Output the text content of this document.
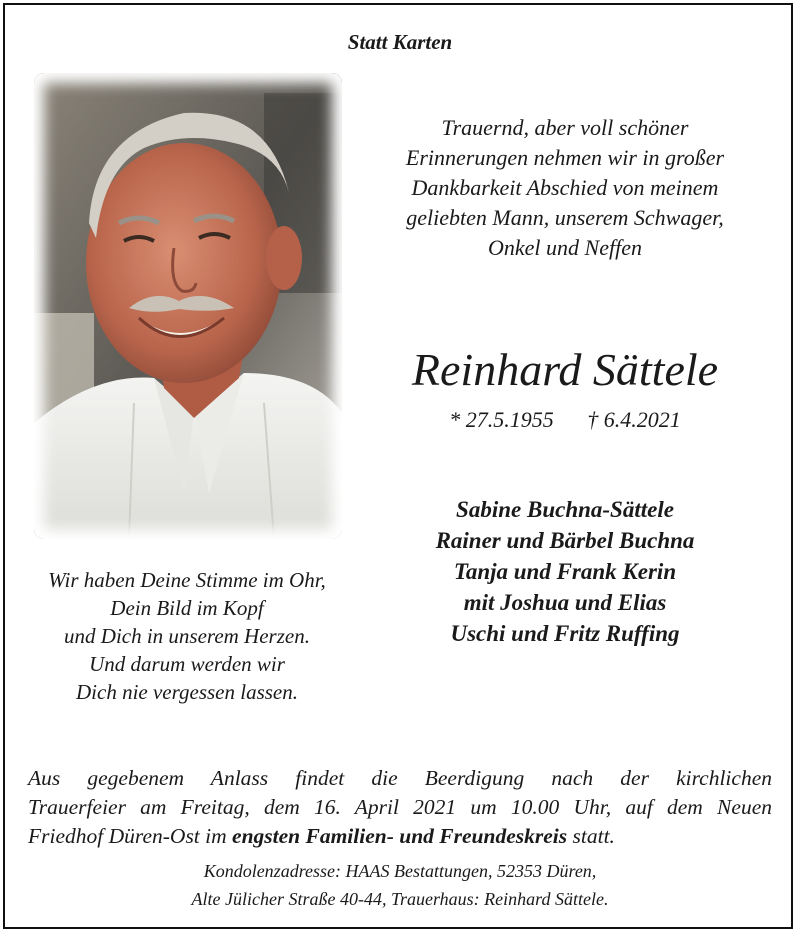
Statt Karten
Trauernd, aber voll schöner
Erinnerungen nehmen wir in großer
Dankbarkeit Abschied von meinem
geliebten Mann, unserem Schwager,
Onkel und Neffen
Reinhard Sättele
* 27.5.1955 † 6.4.2021
Sabine Buchna-Sättele
Rainer und Bärbel Buchna
Tanja und Frank Kerin
mit Joshua und Elias
Uschi und Fritz Ruffing
Wir haben Deine Stimme im Ohr,
Dein Bild im Kopf
und Dich in unserem Herzen.
Und darum werden wir
Dich nie vergessen lassen.
Aus gegebenem Anlass findet die Beerdigung nach der kirchlichen
Trauerfeier am Freitag, dem 16. April 2021 um 10.00 Uhr, auf dem Neuen
Friedhof Düren-Ost im engsten Familien- und Freundeskreis statt.
Kondolenzadresse: HAAS Bestattungen, 52353 Düren,
Alte Jülicher Straße 40-44, Trauerhaus: Reinhard Sättele.
